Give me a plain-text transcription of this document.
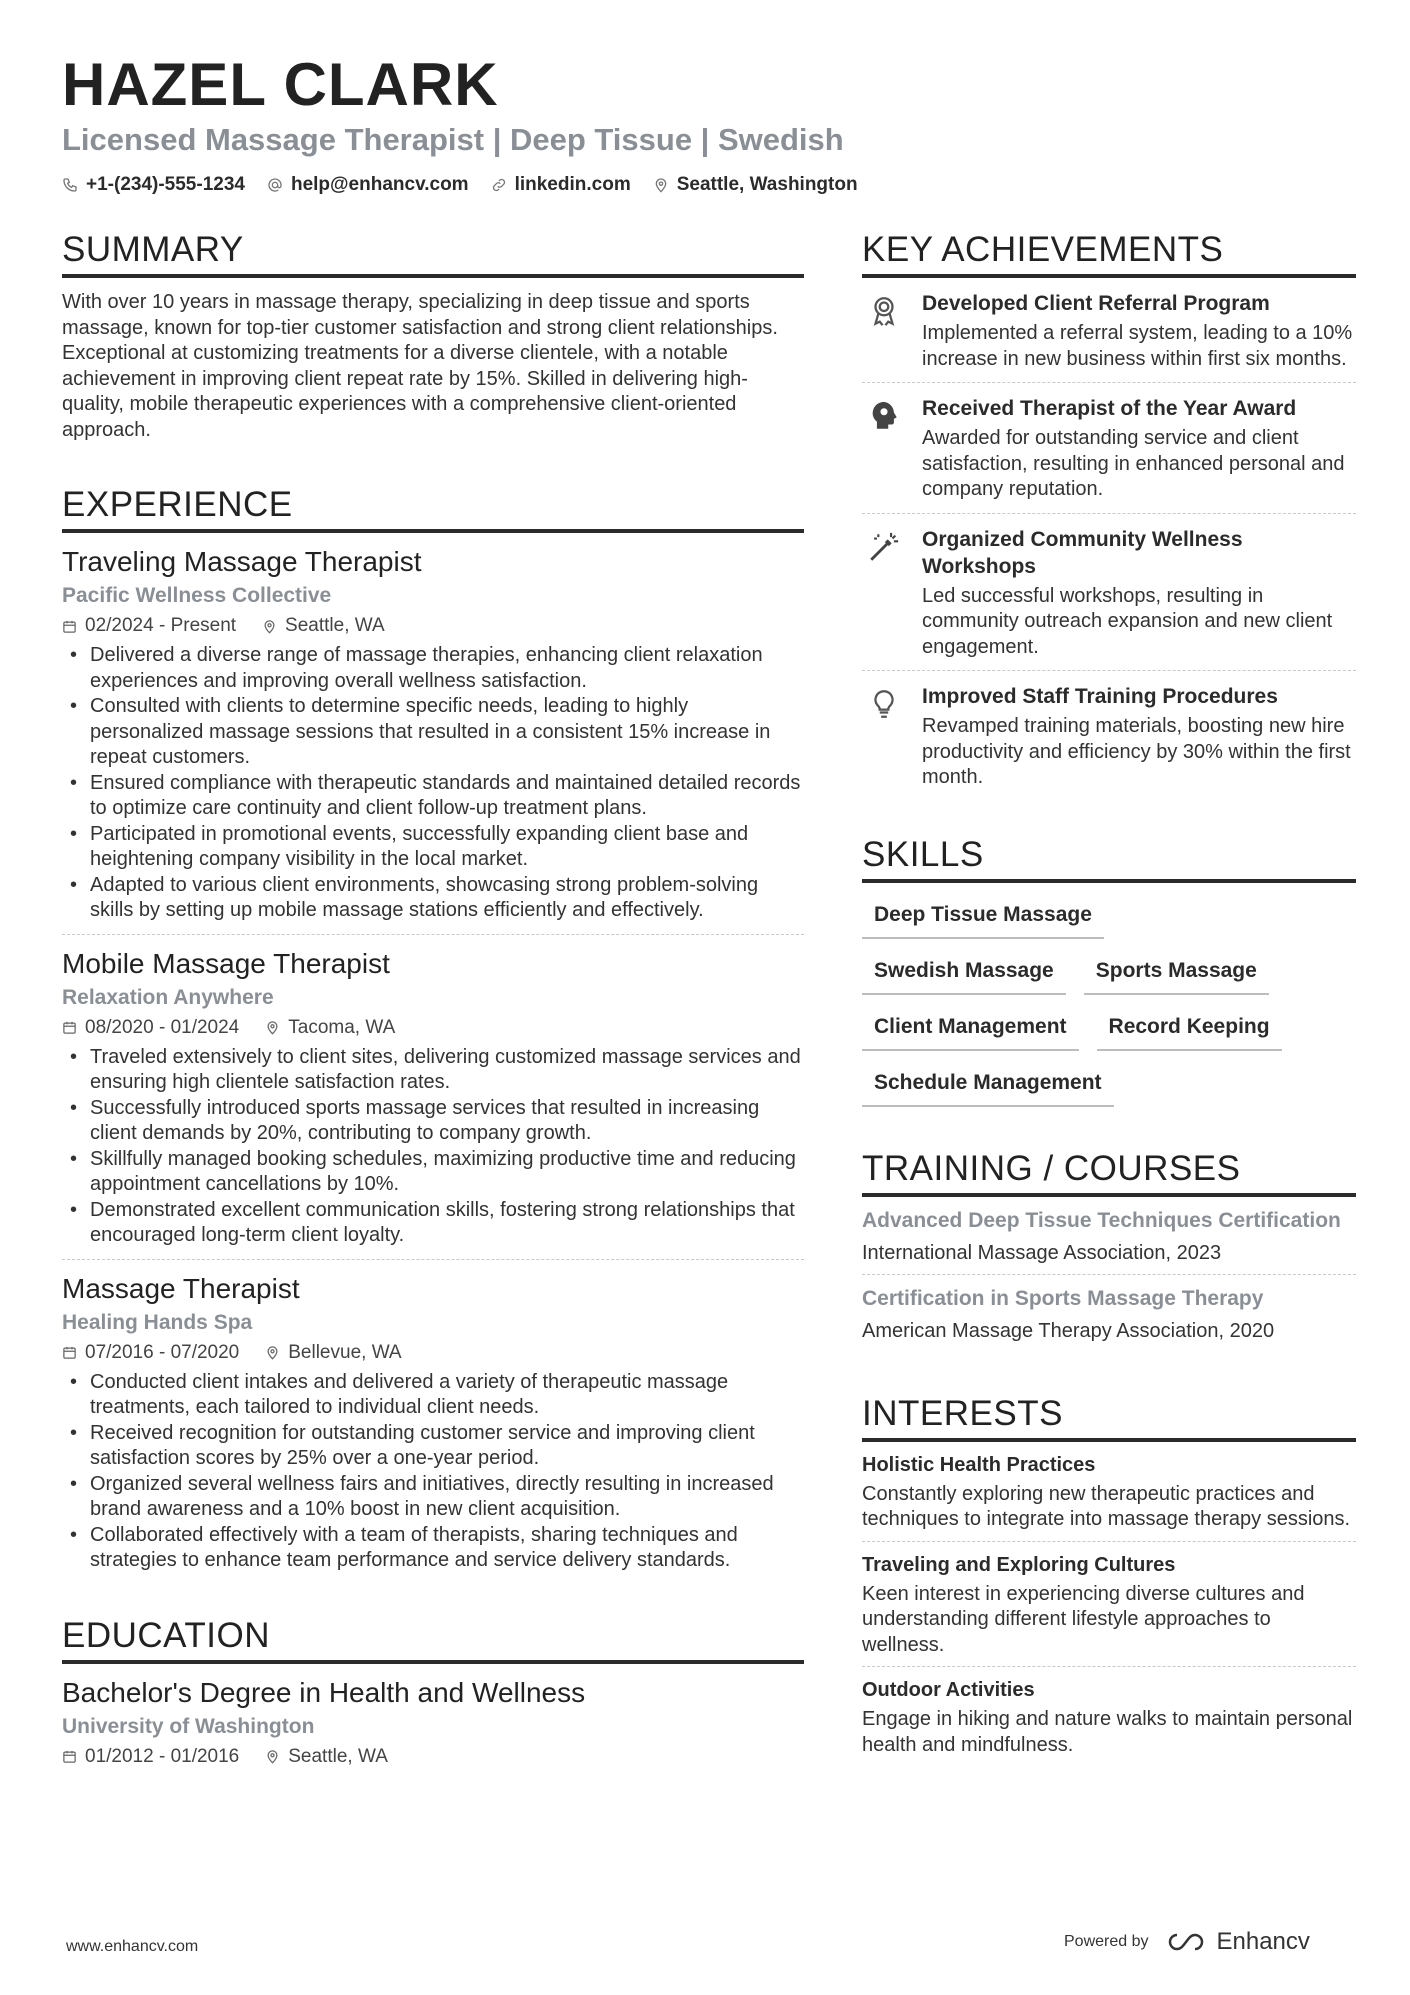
HAZEL CLARK
Licensed Massage Therapist | Deep Tissue | Swedish
+1-(234)-555-1234 help@enhancv.com linkedin.com Seattle, Washington
SUMMARY
With over 10 years in massage therapy, specializing in deep tissue and sports massage, known for top-tier customer satisfaction and strong client relationships. Exceptional at customizing treatments for a diverse clientele, with a notable achievement in improving client repeat rate by 15%. Skilled in delivering high-quality, mobile therapeutic experiences with a comprehensive client-oriented approach.
EXPERIENCE
Traveling Massage Therapist
Pacific Wellness Collective
02/2024 - Present	Seattle, WA
• Delivered a diverse range of massage therapies, enhancing client relaxation experiences and improving overall wellness satisfaction.
• Consulted with clients to determine specific needs, leading to highly personalized massage sessions that resulted in a consistent 15% increase in repeat customers.
• Ensured compliance with therapeutic standards and maintained detailed records to optimize care continuity and client follow-up treatment plans.
• Participated in promotional events, successfully expanding client base and heightening company visibility in the local market.
• Adapted to various client environments, showcasing strong problem-solving skills by setting up mobile massage stations efficiently and effectively.
Mobile Massage Therapist
Relaxation Anywhere
08/2020 - 01/2024	Tacoma, WA
• Traveled extensively to client sites, delivering customized massage services and ensuring high clientele satisfaction rates.
• Successfully introduced sports massage services that resulted in increasing client demands by 20%, contributing to company growth.
• Skillfully managed booking schedules, maximizing productive time and reducing appointment cancellations by 10%.
• Demonstrated excellent communication skills, fostering strong relationships that encouraged long-term client loyalty.
Massage Therapist
Healing Hands Spa
07/2016 - 07/2020	Bellevue, WA
• Conducted client intakes and delivered a variety of therapeutic massage treatments, each tailored to individual client needs.
• Received recognition for outstanding customer service and improving client satisfaction scores by 25% over a one-year period.
• Organized several wellness fairs and initiatives, directly resulting in increased brand awareness and a 10% boost in new client acquisition.
• Collaborated effectively with a team of therapists, sharing techniques and strategies to enhance team performance and service delivery standards.
EDUCATION
Bachelor's Degree in Health and Wellness
University of Washington
01/2012 - 01/2016	Seattle, WA
KEY ACHIEVEMENTS
Developed Client Referral Program
Implemented a referral system, leading to a 10% increase in new business within first six months.
Received Therapist of the Year Award
Awarded for outstanding service and client satisfaction, resulting in enhanced personal and company reputation.
Organized Community Wellness Workshops
Led successful workshops, resulting in community outreach expansion and new client engagement.
Improved Staff Training Procedures
Revamped training materials, boosting new hire productivity and efficiency by 30% within the first month.
SKILLS
Deep Tissue Massage
Swedish Massage	Sports Massage
Client Management	Record Keeping
Schedule Management
TRAINING / COURSES
Advanced Deep Tissue Techniques Certification
International Massage Association, 2023
Certification in Sports Massage Therapy
American Massage Therapy Association, 2020
INTERESTS
Holistic Health Practices
Constantly exploring new therapeutic practices and techniques to integrate into massage therapy sessions.
Traveling and Exploring Cultures
Keen interest in experiencing diverse cultures and understanding different lifestyle approaches to wellness.
Outdoor Activities
Engage in hiking and nature walks to maintain personal health and mindfulness.
www.enhancv.com	Powered by	Enhancv
